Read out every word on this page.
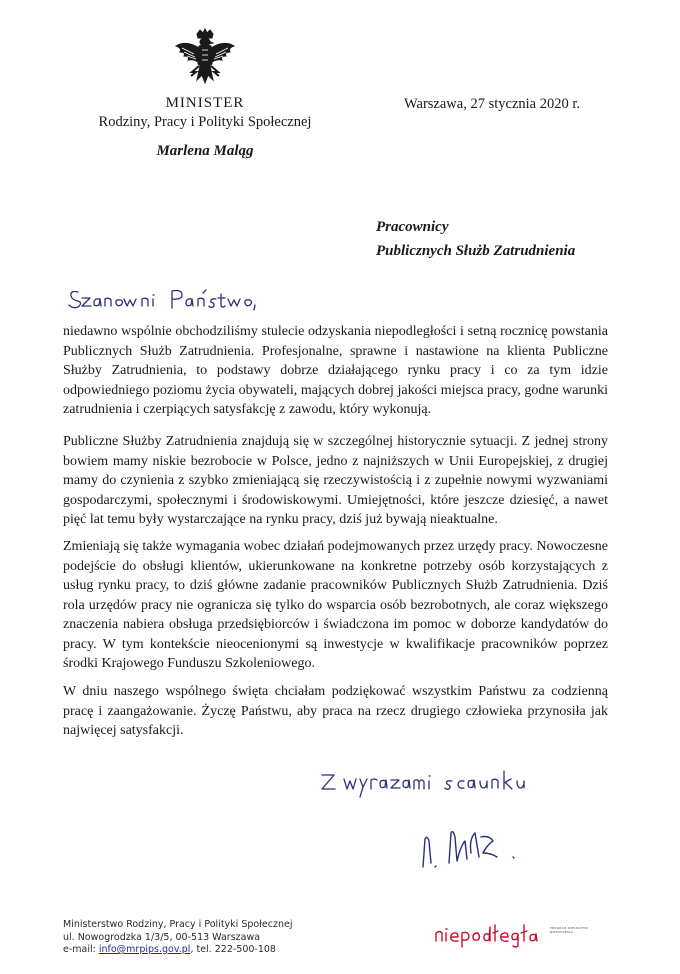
MINISTER
Rodziny, Pracy i Polityki Społecznej
Marlena Maląg
Warszawa, 27 stycznia 2020 r.
Pracownicy
Publicznych Służb Zatrudnienia

niedawno wspólnie obchodziliśmy stulecie odzyskania niepodległości i setną rocznicę powstania Publicznych Służb Zatrudnienia. Profesjonalne, sprawne i nastawione na klienta Publiczne Służby Zatrudnienia, to podstawy dobrze działającego rynku pracy i co za tym idzie odpowiedniego poziomu życia obywateli, mających dobrej jakości miejsca pracy, godne warunki zatrudnienia i czerpiących satysfakcję z zawodu, który wykonują.

Publiczne Służby Zatrudnienia znajdują się w szczególnej historycznie sytuacji. Z jednej strony bowiem mamy niskie bezrobocie w Polsce, jedno z najniższych w Unii Europejskiej, z drugiej mamy do czynienia z szybko zmieniającą się rzeczywistością i z zupełnie nowymi wyzwaniami gospodarczymi, społecznymi i środowiskowymi. Umiejętności, które jeszcze dziesięć, a nawet pięć lat temu były wystarczające na rynku pracy, dziś już bywają nieaktualne.

Zmieniają się także wymagania wobec działań podejmowanych przez urzędy pracy. Nowoczesne podejście do obsługi klientów, ukierunkowane na konkretne potrzeby osób korzystających z usług rynku pracy, to dziś główne zadanie pracowników Publicznych Służb Zatrudnienia. Dziś rola urzędów pracy nie ogranicza się tylko do wsparcia osób bezrobotnych, ale coraz większego znaczenia nabiera obsługa przedsiębiorców i świadczona im pomoc w doborze kandydatów do pracy. W tym kontekście nieocenionymi są inwestycje w kwalifikacje pracowników poprzez środki Krajowego Funduszu Szkoleniowego.

W dniu naszego wspólnego święta chciałam podziękować wszystkim Państwu za codzienną pracę i zaangażowanie. Życzę Państwu, aby praca na rzecz drugiego człowieka przynosiła jak najwięcej satysfakcji.

Ministerstwo Rodziny, Pracy i Polityki Społecznej
ul. Nowogrodzka 1/3/5, 00-513 Warszawa
e-mail: info@mrpips.gov.pl, tel. 222-500-108
PROGRAM WIELOLETNI NIEPODLEGŁA
